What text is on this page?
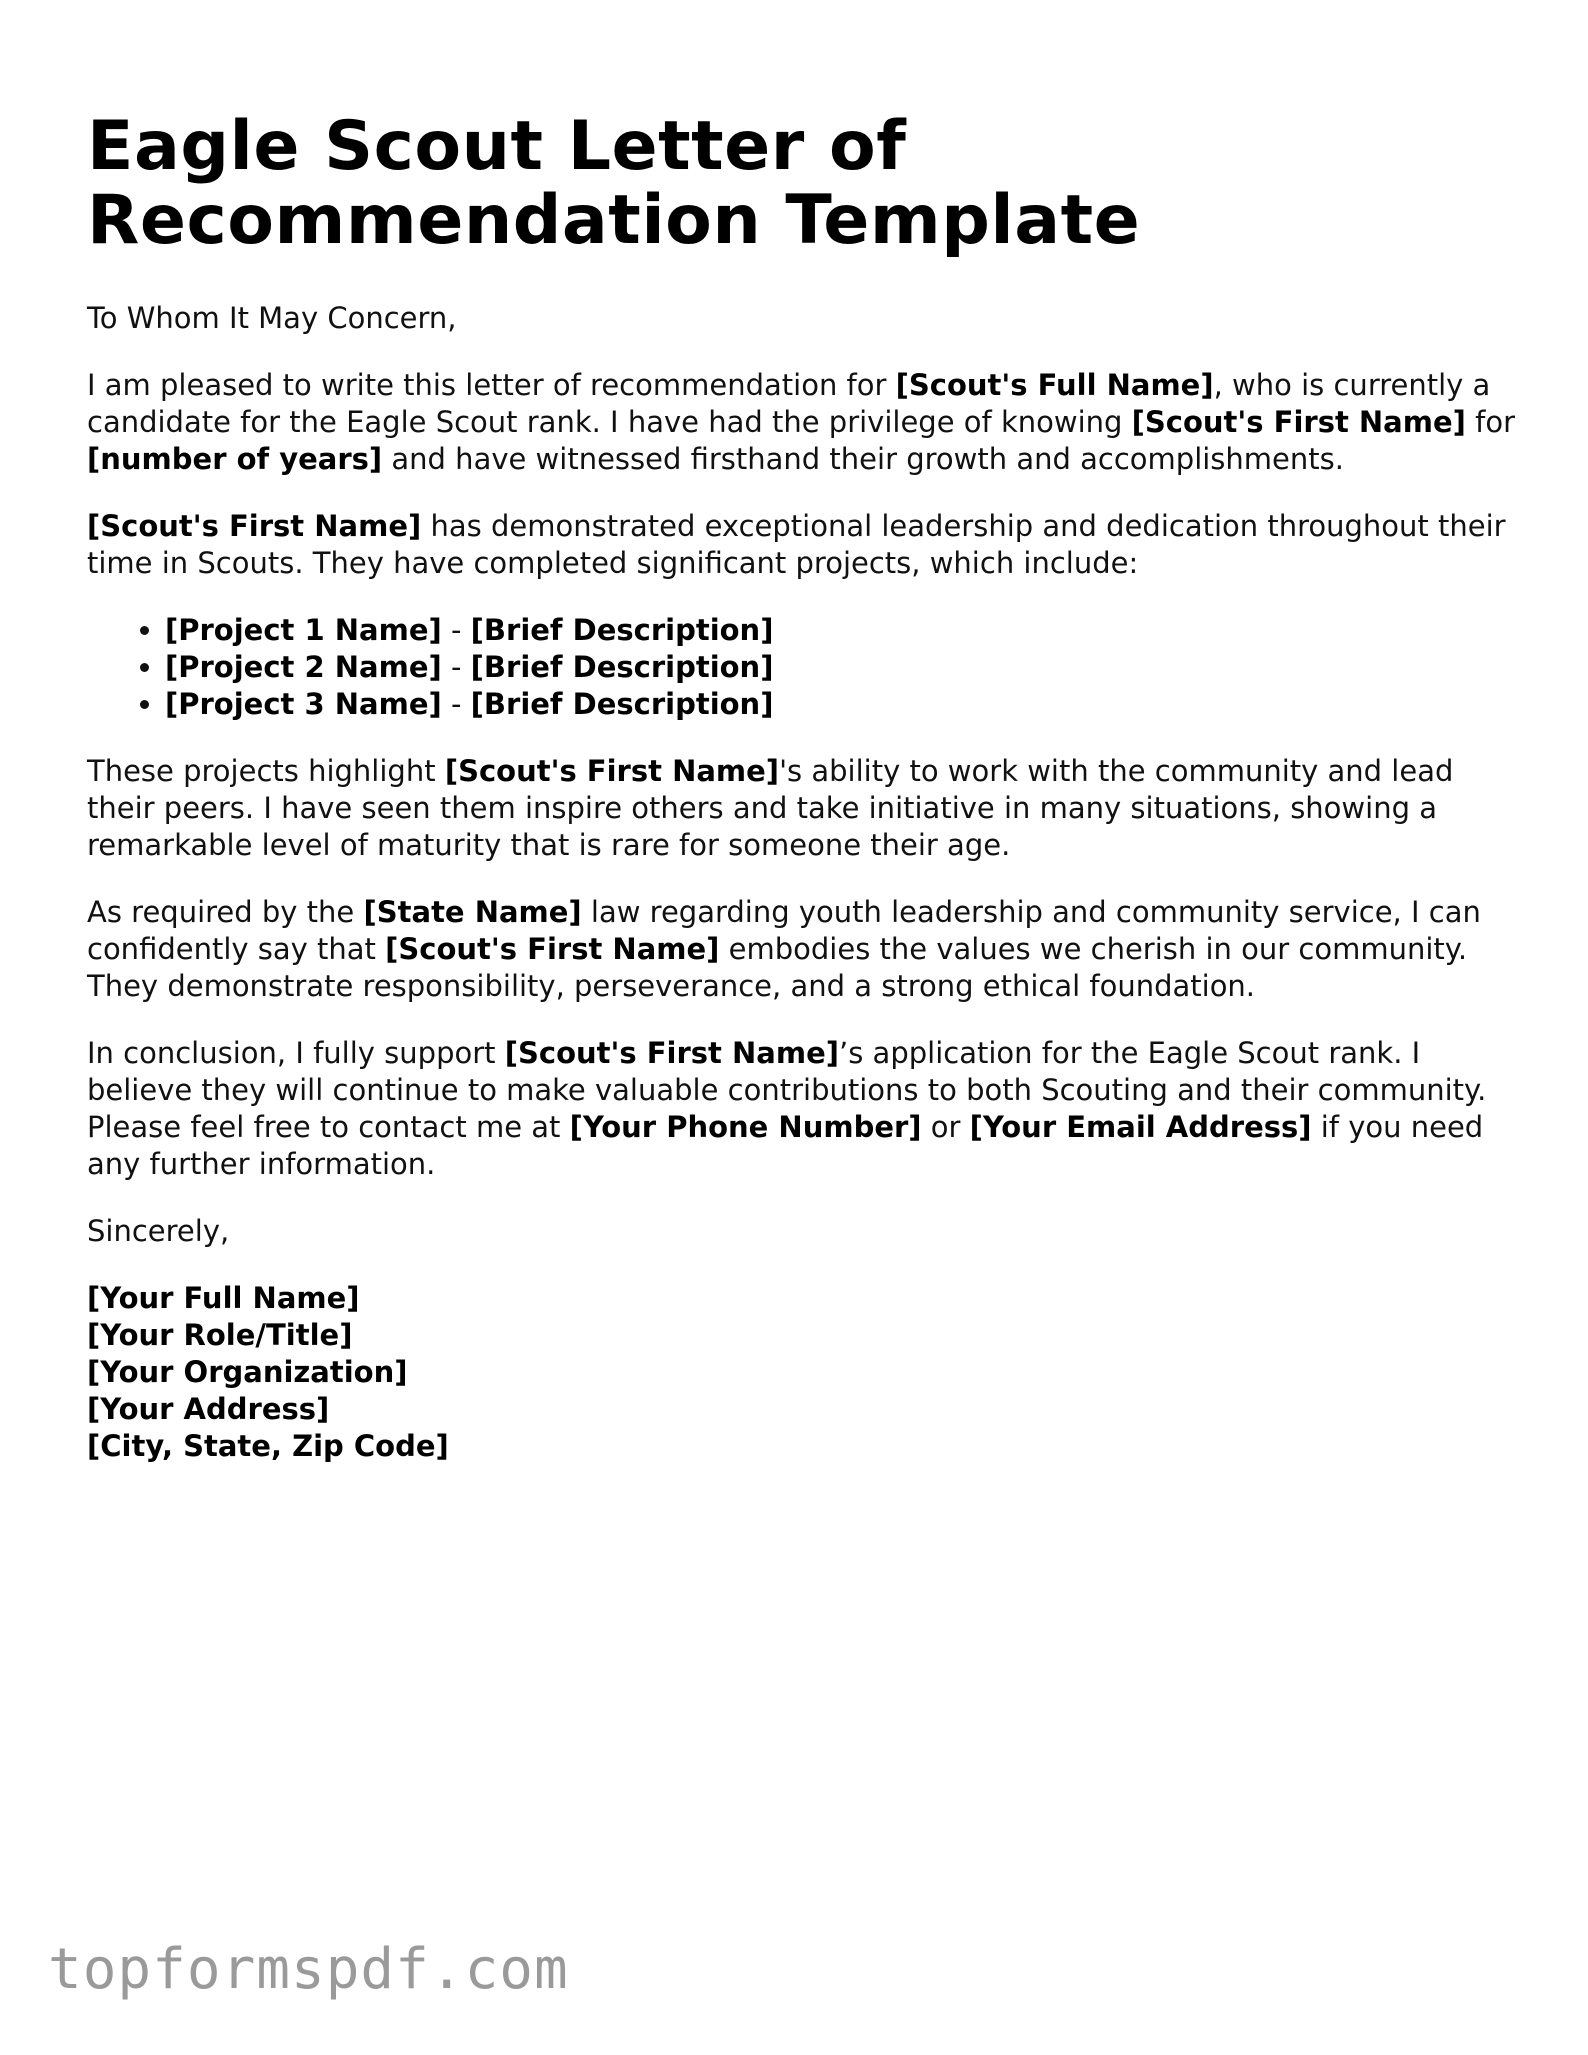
Eagle Scout Letter of Recommendation Template

To Whom It May Concern,

I am pleased to write this letter of recommendation for [Scout's Full Name], who is currently a candidate for the Eagle Scout rank. I have had the privilege of knowing [Scout's First Name] for [number of years] and have witnessed firsthand their growth and accomplishments.

[Scout's First Name] has demonstrated exceptional leadership and dedication throughout their time in Scouts. They have completed significant projects, which include:

• [Project 1 Name] - [Brief Description]
• [Project 2 Name] - [Brief Description]
• [Project 3 Name] - [Brief Description]

These projects highlight [Scout's First Name]'s ability to work with the community and lead their peers. I have seen them inspire others and take initiative in many situations, showing a remarkable level of maturity that is rare for someone their age.

As required by the [State Name] law regarding youth leadership and community service, I can confidently say that [Scout's First Name] embodies the values we cherish in our community. They demonstrate responsibility, perseverance, and a strong ethical foundation.

In conclusion, I fully support [Scout's First Name]’s application for the Eagle Scout rank. I believe they will continue to make valuable contributions to both Scouting and their community. Please feel free to contact me at [Your Phone Number] or [Your Email Address] if you need any further information.

Sincerely,

[Your Full Name]
[Your Role/Title]
[Your Organization]
[Your Address]
[City, State, Zip Code]
topformspdf.com
